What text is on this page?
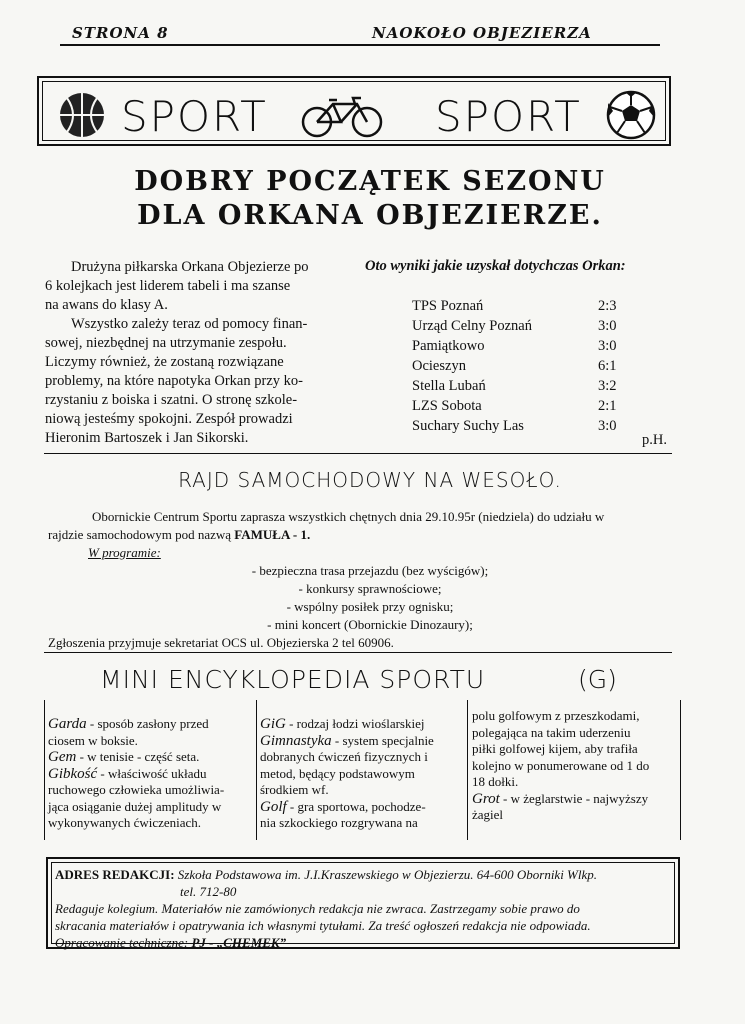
STRONA 8	NAOKOŁO OBJEZIERZA
SPORT	SPORT
DOBRY POCZĄTEK SEZONU
DLA ORKANA OBJEZIERZE.
Drużyna piłkarska Orkana Objezierze po
6 kolejkach jest liderem tabeli i ma szanse
na awans do klasy A.
Wszystko zależy teraz od pomocy finan-
sowej, niezbędnej na utrzymanie zespołu.
Liczymy również, że zostaną rozwiązane
problemy, na które napotyka Orkan przy ko-
rzystaniu z boiska i szatni. O stronę szkole-
niową jesteśmy spokojni. Zespół prowadzi
Hieronim Bartoszek i Jan Sikorski.
Oto wyniki jakie uzyskał dotychczas Orkan:
TPS Poznań	2:3
Urząd Celny Poznań	3:0
Pamiątkowo	3:0
Ocieszyn	6:1
Stella Lubań	3:2
LZS Sobota	2:1
Suchary Suchy Las	3:0
p.H.
RAJD SAMOCHODOWY NA WESOŁO.
Obornickie Centrum Sportu zaprasza wszystkich chętnych dnia 29.10.95r (niedziela) do udziału w
rajdzie samochodowym pod nazwą FAMUŁA - 1.
W programie:
- bezpieczna trasa przejazdu (bez wyścigów);
- konkursy sprawnościowe;
- wspólny posiłek przy ognisku;
- mini koncert (Obornickie Dinozaury);
Zgłoszenia przyjmuje sekretariat OCS ul. Objezierska 2 tel 60906.
MINI ENCYKLOPEDIA SPORTU	(G)
Garda - sposób zasłony przed
ciosem w boksie.
Gem - w tenisie - część seta.
Gibkość - właściwość układu
ruchowego człowieka umożliwia-
jąca osiąganie dużej amplitudy w
wykonywanych ćwiczeniach.
GiG - rodzaj łodzi wioślarskiej
Gimnastyka - system specjalnie
dobranych ćwiczeń fizycznych i
metod, będący podstawowym
środkiem wf.
Golf - gra sportowa, pochodze-
nia szkockiego rozgrywana na
polu golfowym z przeszkodami,
polegająca na takim uderzeniu
piłki golfowej kijem, aby trafiła
kolejno w ponumerowane od 1 do
18 dołki.
Grot - w żeglarstwie - najwyższy
żagiel
ADRES REDAKCJI: Szkoła Podstawowa im. J.I.Kraszewskiego w Objezierzu. 64-600 Oborniki Wlkp.
tel. 712-80
Redaguje kolegium. Materiałów nie zamówionych redakcja nie zwraca. Zastrzegamy sobie prawo do
skracania materiałów i opatrywania ich własnymi tytułami. Za treść ogłoszeń redakcja nie odpowiada.
Opracowanie techniczne: PJ - „CHEMEK”
